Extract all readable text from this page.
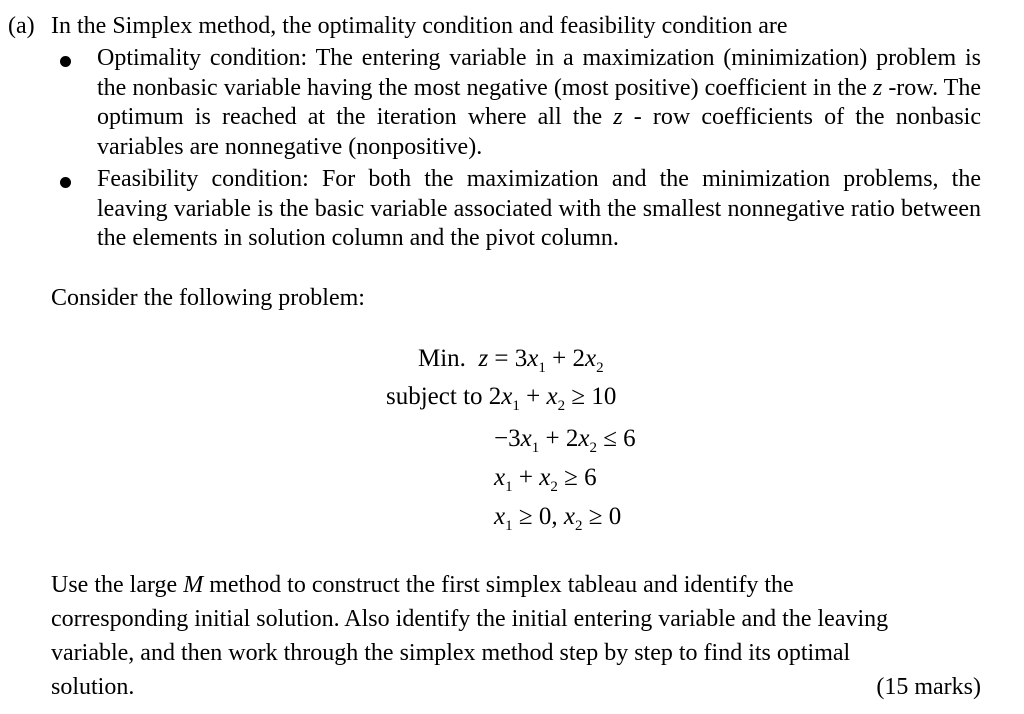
(a) In the Simplex method, the optimality condition and feasibility condition are
Optimality condition: The entering variable in a maximization (minimization) problem is the nonbasic variable having the most negative (most positive) coefficient in the z -row. The optimum is reached at the iteration where all the z - row coefficients of the nonbasic variables are nonnegative (nonpositive).
Feasibility condition: For both the maximization and the minimization problems, the leaving variable is the basic variable associated with the smallest nonnegative ratio between the elements in solution column and the pivot column.
Consider the following problem:
Min. $z = 3x_1 + 2x_2$
subject to $2x_1 + x_2 \ge 10$
$-3x_1 + 2x_2 \le 6$
$x_1 + x_2 \ge 6$
$x_1 \ge 0$, $x_2 \ge 0$
Use the large M method to construct the first simplex tableau and identify the
corresponding initial solution. Also identify the initial entering variable and the leaving
variable, and then work through the simplex method step by step to find its optimal
solution.	(15 marks)
